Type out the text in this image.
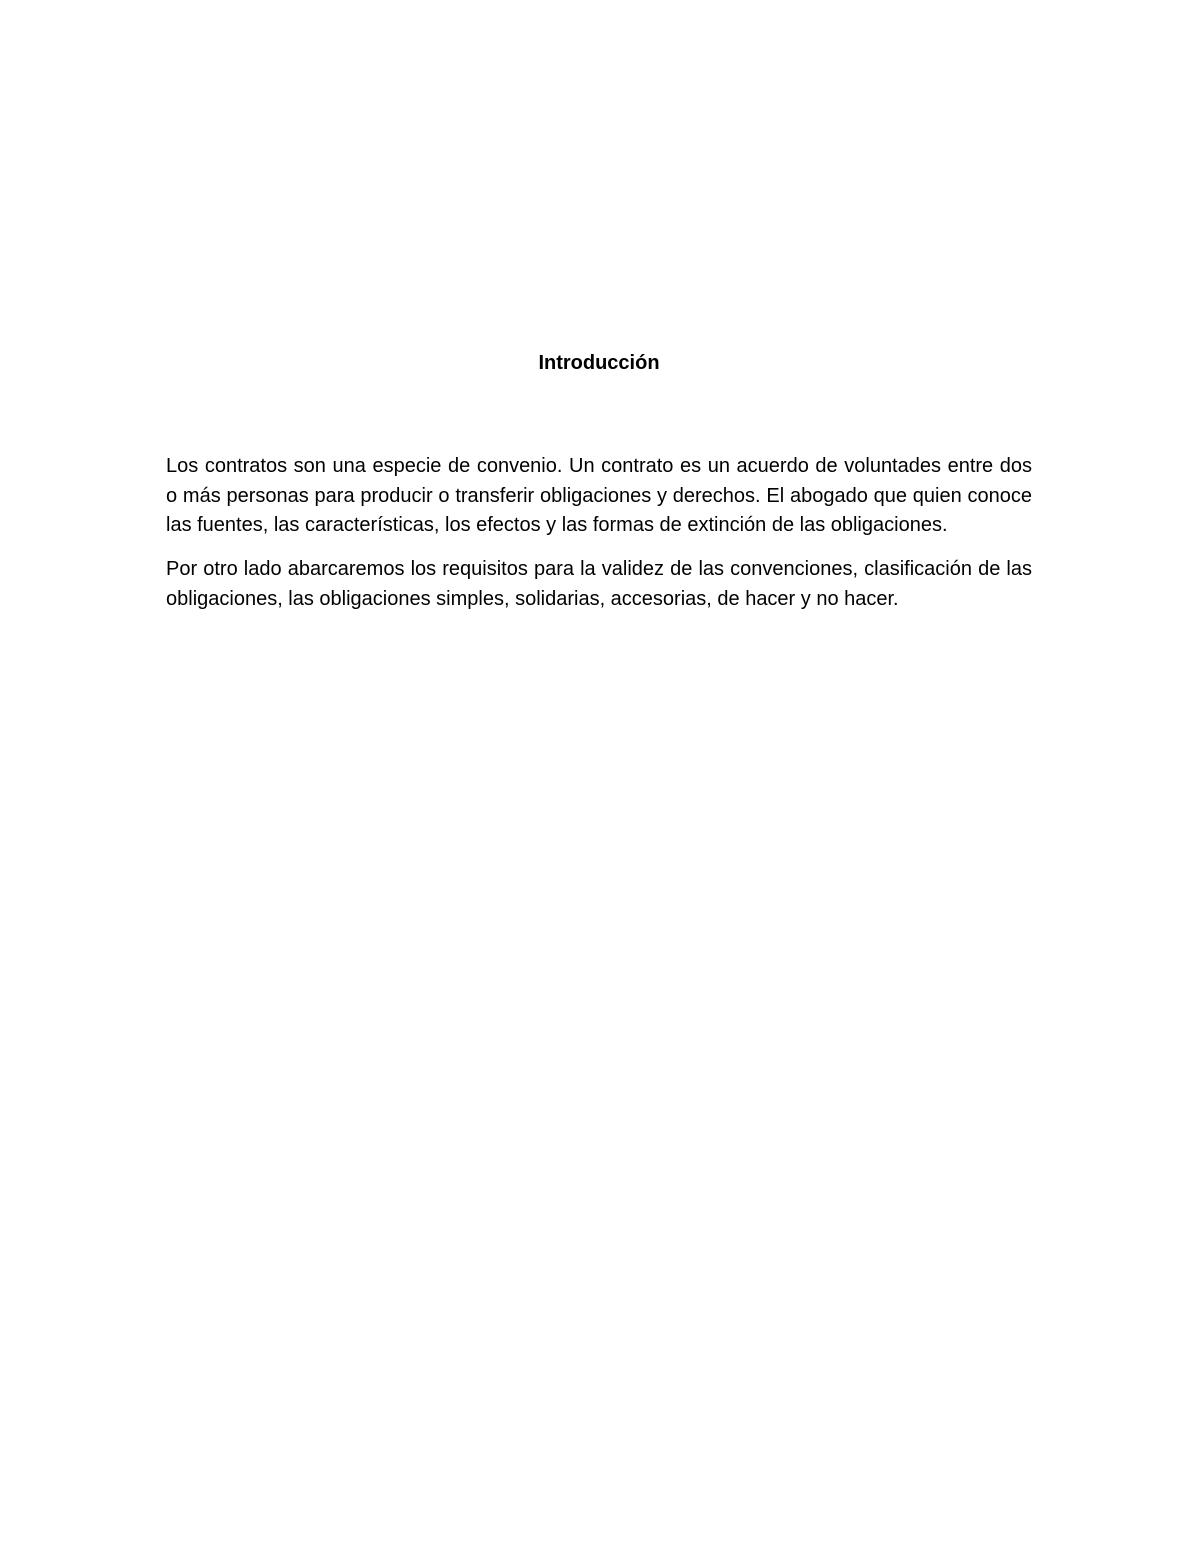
Introducción

Los contratos son una especie de convenio. Un contrato es un acuerdo de voluntades entre dos o más personas para producir o transferir obligaciones y derechos. El abogado que quien conoce las fuentes, las características, los efectos y las formas de extinción de las obligaciones.

Por otro lado abarcaremos los requisitos para la validez de las convenciones, clasificación de las obligaciones, las obligaciones simples, solidarias, accesorias, de hacer y no hacer.
